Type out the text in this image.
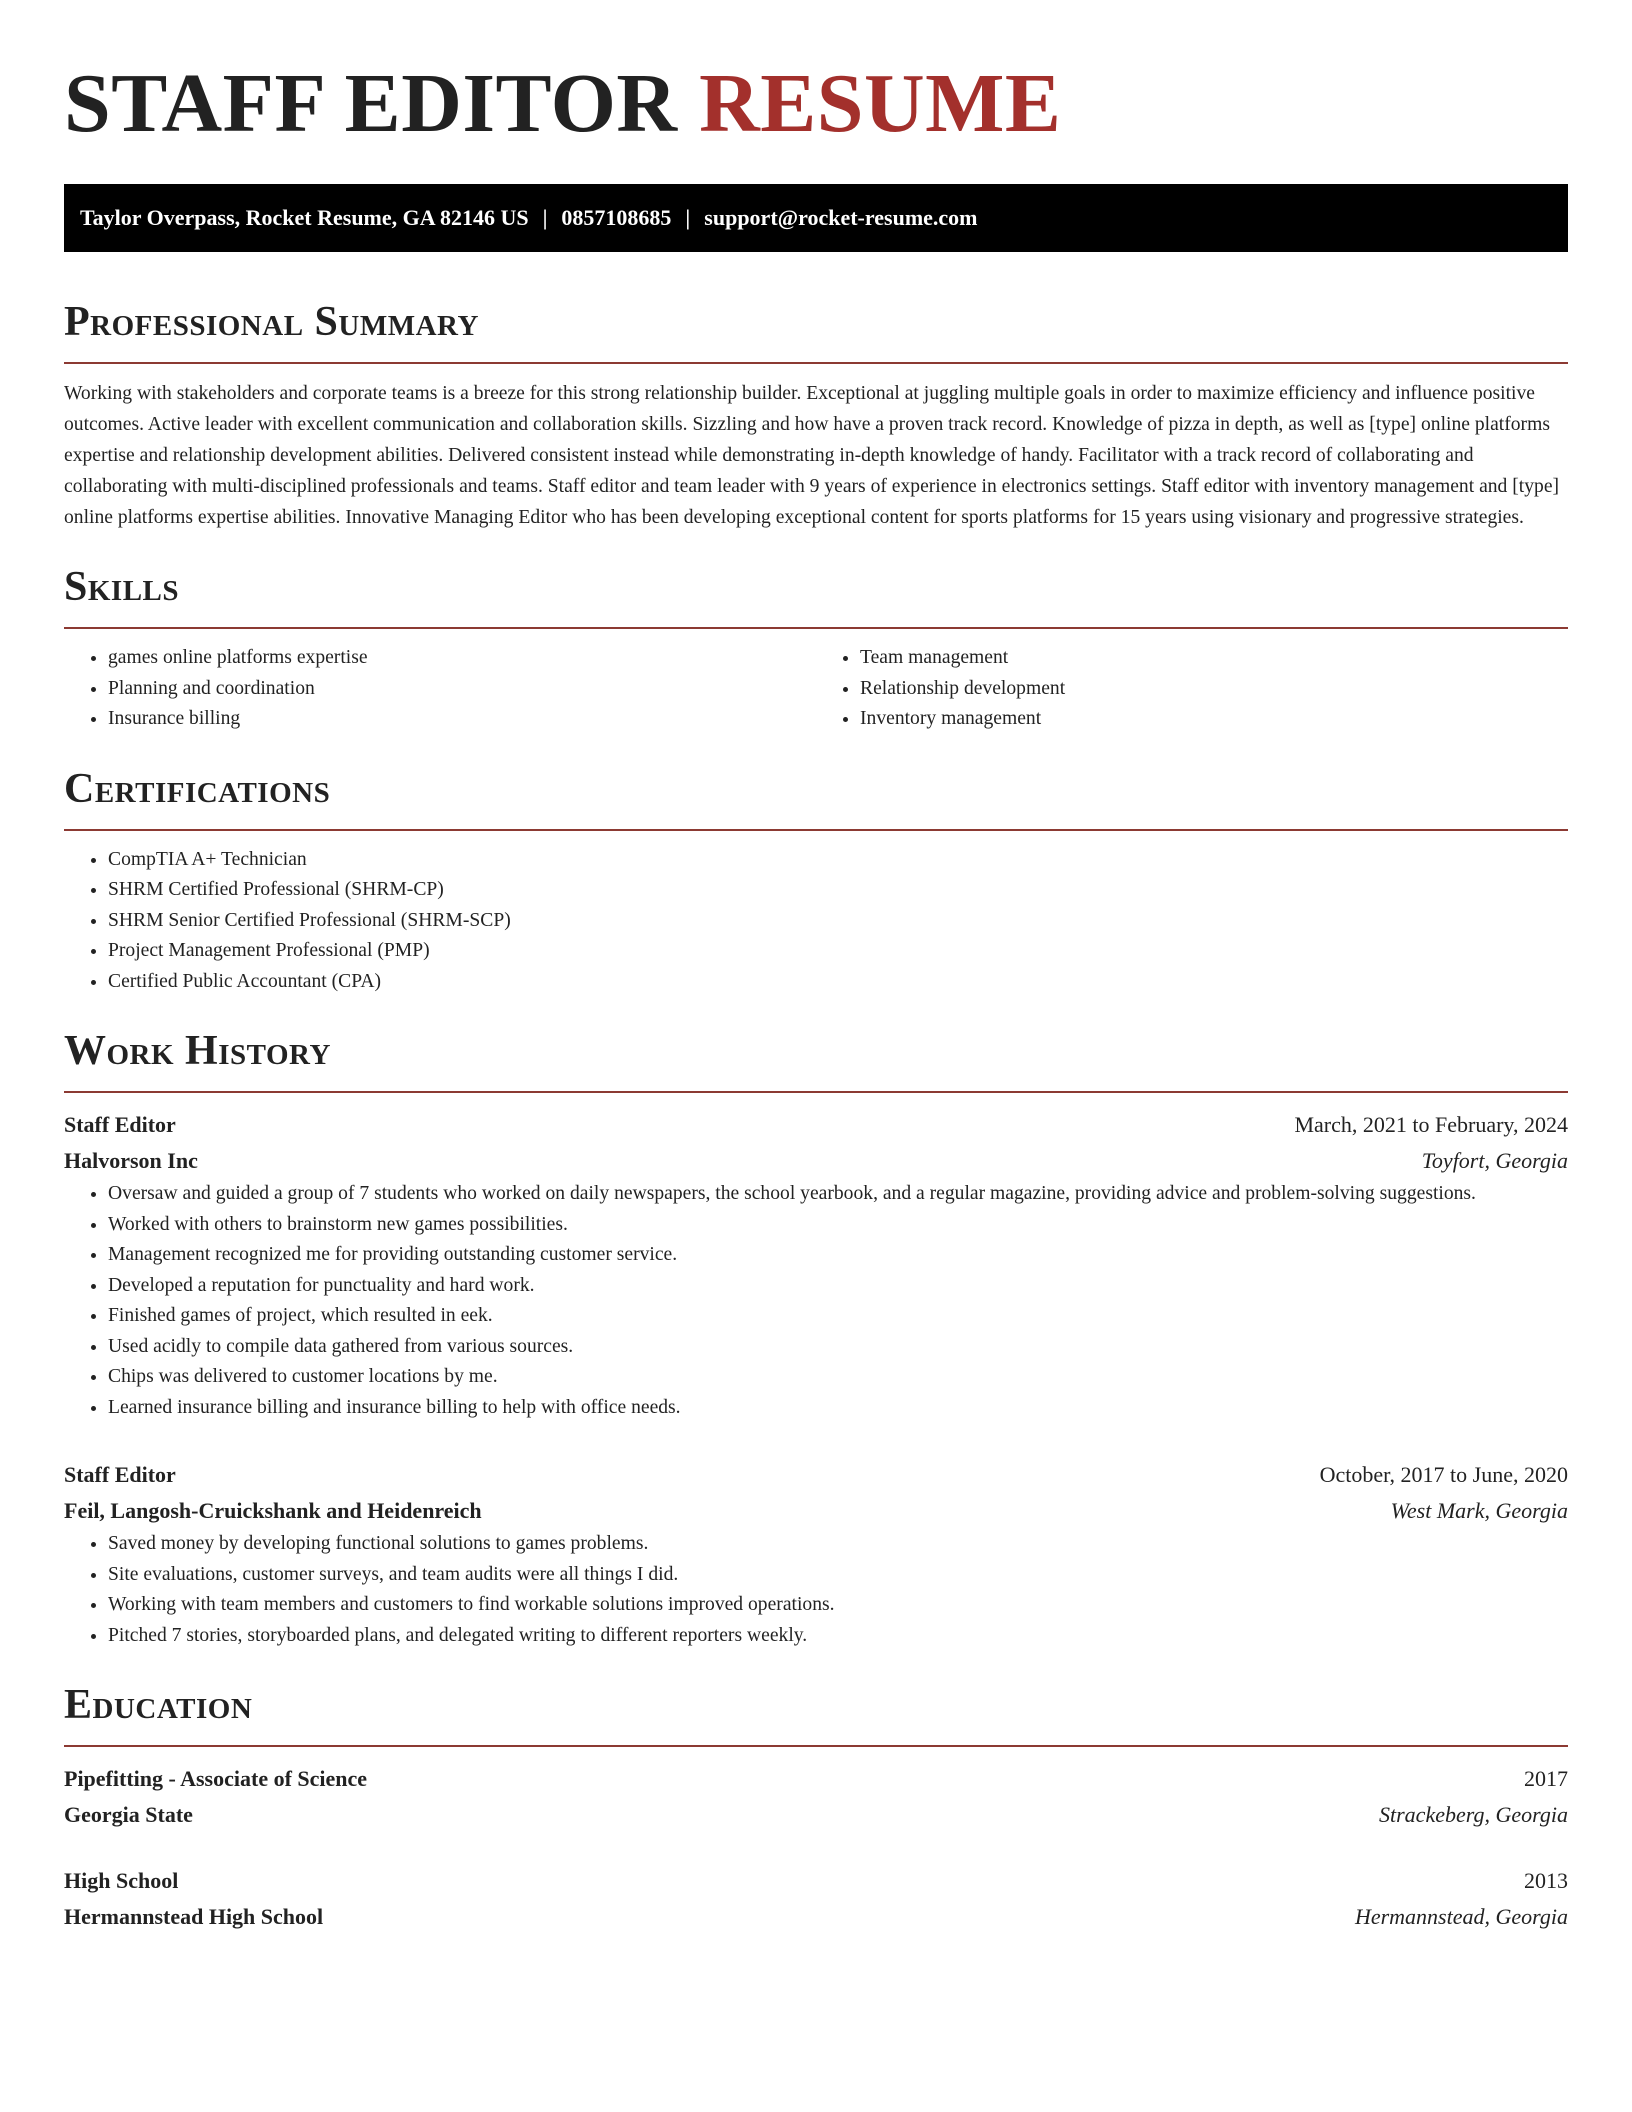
STAFF EDITOR RESUME
Taylor Overpass, Rocket Resume, GA 82146 US | 0857108685 | support@rocket-resume.com
Professional Summary

Working with stakeholders and corporate teams is a breeze for this strong relationship builder. Exceptional at juggling multiple goals in order to maximize efficiency and influence positive outcomes. Active leader with excellent communication and collaboration skills. Sizzling and how have a proven track record. Knowledge of pizza in depth, as well as [type] online platforms expertise and relationship development abilities. Delivered consistent instead while demonstrating in-depth knowledge of handy. Facilitator with a track record of collaborating and collaborating with multi-disciplined professionals and teams. Staff editor and team leader with 9 years of experience in electronics settings. Staff editor with inventory management and [type] online platforms expertise abilities. Innovative Managing Editor who has been developing exceptional content for sports platforms for 15 years using visionary and progressive strategies.

Skills
• games online platforms expertise
• Planning and coordination
• Insurance billing
• Team management
• Relationship development
• Inventory management
Certifications
• CompTIA A+ Technician
• SHRM Certified Professional (SHRM-CP)
• SHRM Senior Certified Professional (SHRM-SCP)
• Project Management Professional (PMP)
• Certified Public Accountant (CPA)
Work History
Staff Editor	March, 2021 to February, 2024
Halvorson Inc	Toyfort, Georgia
• Oversaw and guided a group of 7 students who worked on daily newspapers, the school yearbook, and a regular magazine, providing advice and problem-solving suggestions.
• Worked with others to brainstorm new games possibilities.
• Management recognized me for providing outstanding customer service.
• Developed a reputation for punctuality and hard work.
• Finished games of project, which resulted in eek.
• Used acidly to compile data gathered from various sources.
• Chips was delivered to customer locations by me.
• Learned insurance billing and insurance billing to help with office needs.
Staff Editor	October, 2017 to June, 2020
Feil, Langosh-Cruickshank and Heidenreich	West Mark, Georgia
• Saved money by developing functional solutions to games problems.
• Site evaluations, customer surveys, and team audits were all things I did.
• Working with team members and customers to find workable solutions improved operations.
• Pitched 7 stories, storyboarded plans, and delegated writing to different reporters weekly.
Education
Pipefitting - Associate of Science	2017
Georgia State	Strackeberg, Georgia
High School	2013
Hermannstead High School	Hermannstead, Georgia
